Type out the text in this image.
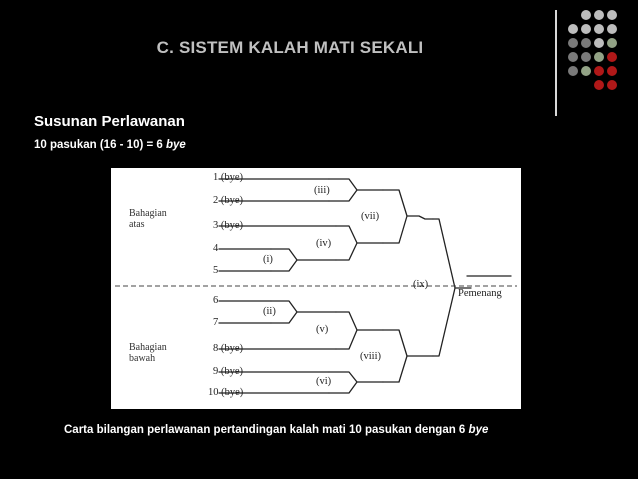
C. SISTEM KALAH MATI SEKALI
Susunan Perlawanan
10 pasukan (16 - 10) = 6 bye
Bahagian
atas
Bahagian
bawah
1 (bye)
2 (bye)
3 (bye)
4
5
6
7
8 (bye)
9 (bye)
10 (bye)
(i)
(ii)
(iii)
(iv)
(v)
(vi)
(vii)
(viii)
(ix)
Pemenang
Carta bilangan perlawanan pertandingan kalah mati 10 pasukan dengan 6 bye
